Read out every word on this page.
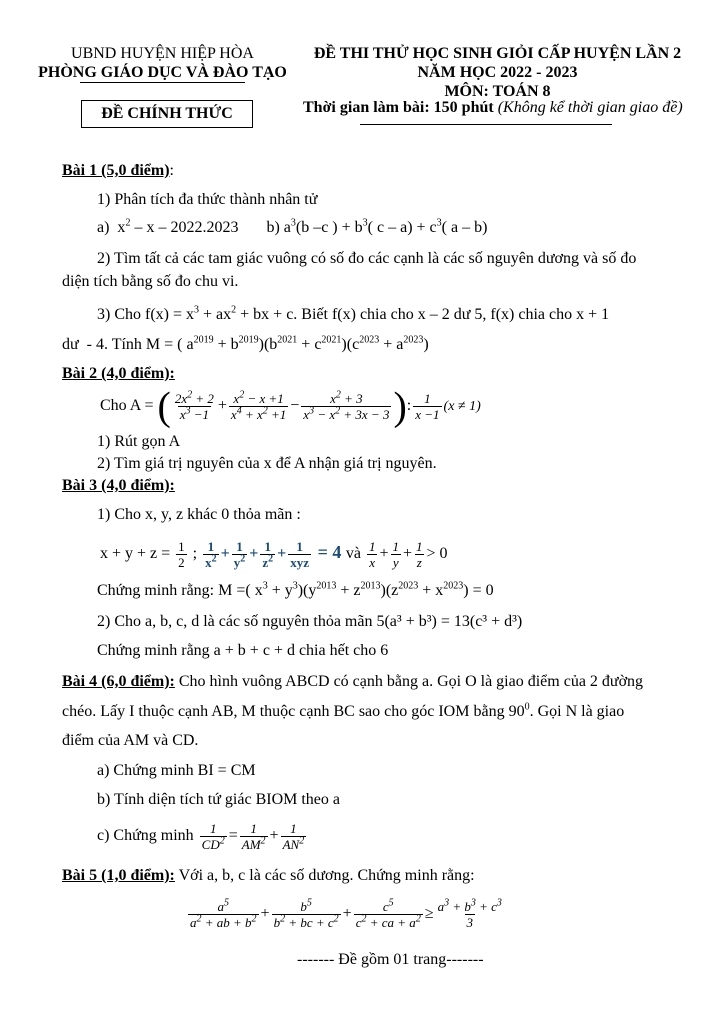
UBND HUYỆN HIỆP HÒA
PHÒNG GIÁO DỤC VÀ ĐÀO TẠO
ĐỀ CHÍNH THỨC
ĐỀ THI THỬ HỌC SINH GIỎI CẤP HUYỆN LẦN 2
NĂM HỌC 2022 - 2023
MÔN: TOÁN 8
Thời gian làm bài: 150 phút (Không kể thời gian giao đề)
Bài 1 (5,0 điểm):
1) Phân tích đa thức thành nhân tử
a)  $x^2$ – x – 2022.2023       b) $a^3(b$ –c ) + $b^3$( $c - a) + c^3$( a – b)
2) Tìm tất cả các tam giác vuông có số đo các cạnh là các số nguyên dương và số đo
diện tích bằng số đo chu vi.
3) Cho $f(x) = x^3 + ax^2$ + bx + c. Biết f(x) chia cho x – 2 dư 5, f(x) chia cho x + 1
dư  - 4. Tính M = ( $a^{2019} + b^{2019})(b^{2021} + c^{2021})(c^{2023} + a^{2023})$
Bài 2 (4,0 điểm):
Cho A = ( $\frac{2x^2 + 2}{x^3 -1} + \frac{x^2 - x +1}{x^4 + x^2 +1} - \frac{x^2 + 3}{x^3 - x^2 + 3x - 3}$ ): $\frac{1}{x -1} (x \ne 1)$
1) Rút gọn A
2) Tìm giá trị nguyên của x để A nhận giá trị nguyên.
Bài 3 (4,0 điểm):
1) Cho x, y, z khác 0 thỏa mãn :
$x + y + z = \frac{1}{2}$ ; $\frac{1}{x^2} + \frac{1}{y^2} + \frac{1}{z^2} + \frac{1}{\text{xyz}} = 4$ và $\frac{1}{x} + \frac{1}{y} + \frac{1}{z} > 0$
Chứng minh rằng: M =( $x^3 + y^3)(y^{2013} + z^{2013})(z^{2023} + x^{2023}) = 0$
2) Cho a, b, c, d là các số nguyên thỏa mãn 5(a³ + b³) = 13(c³ + d³)
Chứng minh rằng a + b + c + d chia hết cho 6
Bài 4 (6,0 điểm): Cho hình vuông ABCD có cạnh bằng a. Gọi O là giao điểm của 2 đường
chéo. Lấy I thuộc cạnh AB, M thuộc cạnh BC sao cho góc IOM bằng $90^0$. Gọi N là giao
điểm của AM và CD.
a) Chứng minh BI = CM
b) Tính diện tích tứ giác BIOM theo a
c) Chứng minh $\frac{1}{CD^2} = \frac{1}{AM^2} + \frac{1}{AN^2}$
Bài 5 (1,0 điểm): Với a, b, c là các số dương. Chứng minh rằng:
$\frac{a^5}{a^2 + ab + b^2} + \frac{b^5}{b^2 + bc + c^2} + \frac{c^5}{c^2 + ca + a^2} \ge \frac{a^3 + b^3 + c^3}{3}$
------- Đề gồm 01 trang-------
